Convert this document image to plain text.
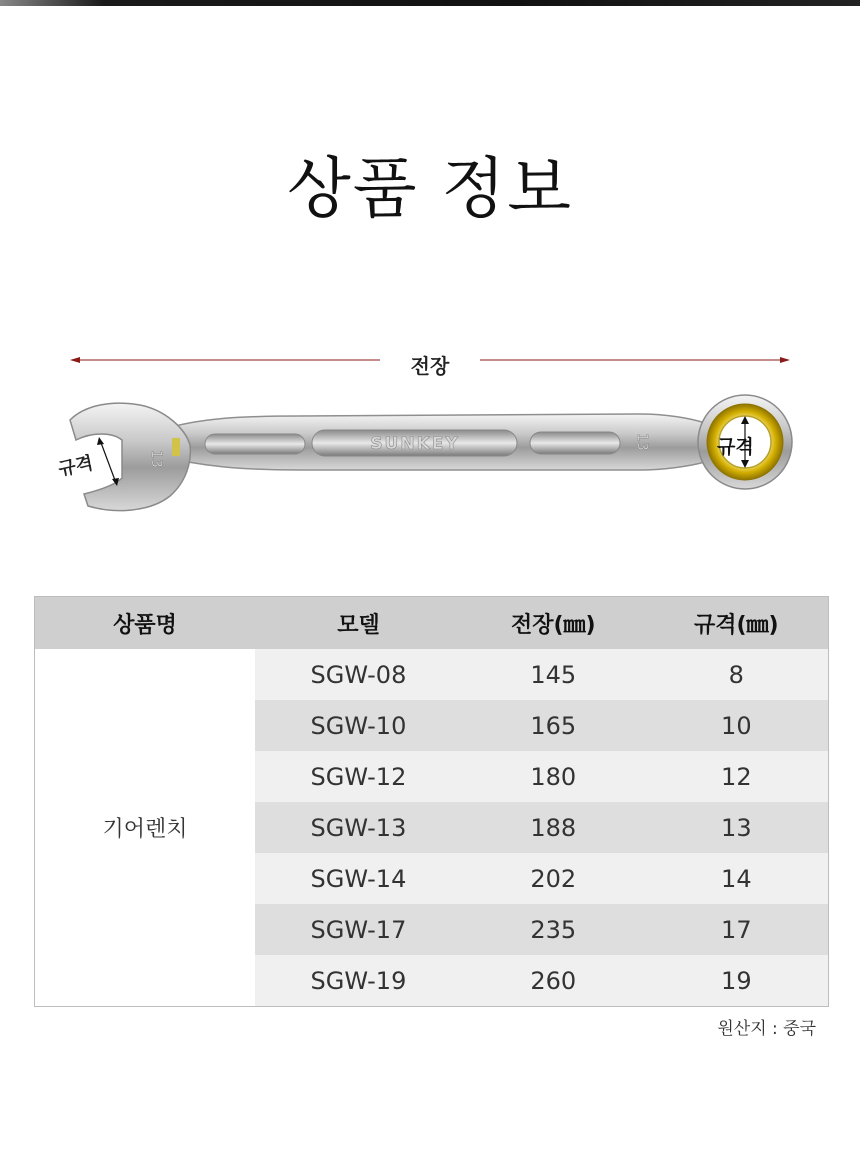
상품 정보
SUNKEY
13
13
전장
규격
규격
상품명	모델	전장(㎜)	규격(㎜)
기어렌치	SGW-08	145	8
	SGW-10	165	10
	SGW-12	180	12
	SGW-13	188	13
	SGW-14	202	14
	SGW-17	235	17
	SGW-19	260	19
원산지 : 중국
